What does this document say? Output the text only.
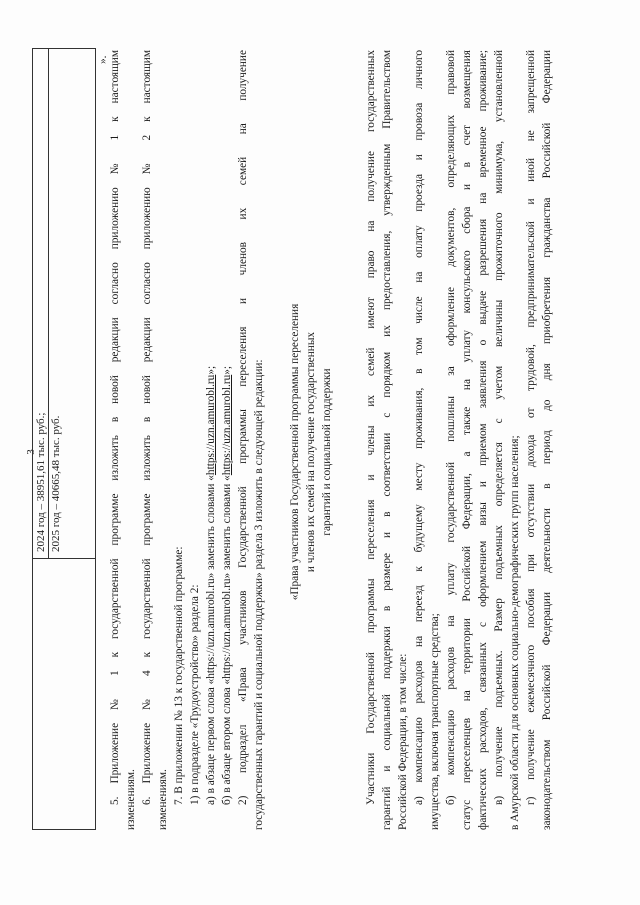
3
2024 год – 38951,61 тыс. руб.; 2025 год – 40665,48 тыс. руб.
». 5. Приложение № 1 к государственной программе изложить в новой редакции согласно приложению № 1 к настоящим изменениям. 6. Приложение № 4 к государственной программе изложить в новой редакции согласно приложению № 2 к настоящим изменениям. 7. В приложении № 13 к государственной программе: 1) в подразделе «Трудоустройство» раздела 2: а) в абзаце первом слова «https://uzn.amurobl.ru» заменить словами «https://uzn.amurobl.ru»;
б) в абзаце втором слова «https://uzn.amurobl.ru» заменить словами «https://uzn.amurobl.ru»; 2) подраздел «Права участников Государственной программы переселения и членов их семей на получение государственных гарантий и социальной поддержки» раздела 3 изложить в следующей редакции: «Права участников Государственной программы переселения и членов их семей на получение государственных гарантий и социальной поддержки	Участники Государственной программы переселения и члены их семей имеют право на получение государственных гарантий и социальной поддержки в размере и в соответствии с порядком их предоставления, утвержденным Правительством Российской Федерации, в том числе: а) компенсацию расходов на переезд к будущему месту проживания, в том числе на оплату проезда и провоза личного имущества, включая транспортные средства; б) компенсацию расходов на уплату государственной пошлины за оформление документов, определяющих правовой статус переселенцев на территории Российской Федерации, а также на уплату консульского сбора и в счет возмещения фактических расходов, связанных с оформлением визы и приемом заявления о выдаче разрешения на временное проживание; в) получение подъемных. Размер подъемных определяется с учетом величины прожиточного минимума, установленной в Амурской области для основных социально-демографических групп населения; г) получение ежемесячного пособия при отсутствии дохода от трудовой, предпринимательской и иной не запрещенной законодательством Российской Федерации деятельности в период до дня приобретения гражданства Российской Федерации
